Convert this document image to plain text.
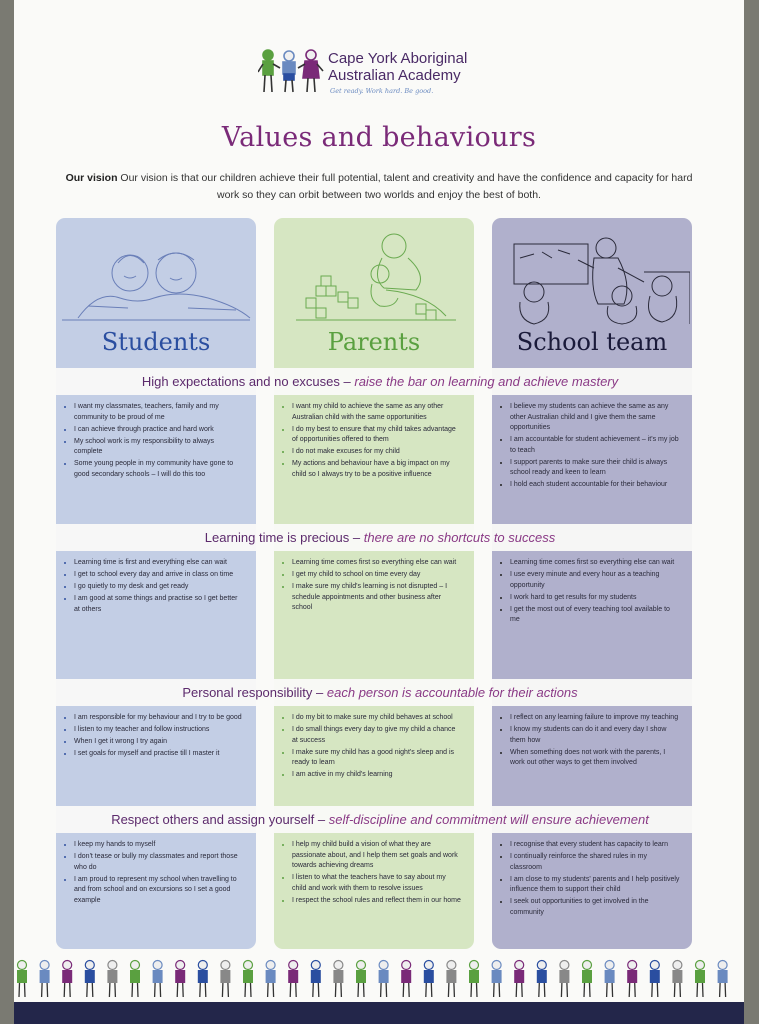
Cape York Aboriginal
Australian Academy
Get ready. Work hard. Be good.
Values and behaviours
Our vision Our vision is that our children achieve their full potential, talent and creativity and have the confidence and capacity for hard work so they can orbit between two worlds and enjoy the best of both.
Students	Parents	School team
High expectations and no excuses – raise the bar on learning and achieve mastery
Learning time is precious – there are no shortcuts to success
Personal responsibility – each person is accountable for their actions
Respect others and assign yourself – self-discipline and commitment will ensure achievement
• I want my classmates, teachers, family and my community to be proud of me
• I can achieve through practice and hard work
• My school work is my responsibility to always complete
• Some young people in my community have gone to good secondary schools – I will do this too
• I want my child to achieve the same as any other Australian child with the same opportunities
• I do my best to ensure that my child takes advantage of opportunities offered to them
• I do not make excuses for my child
• My actions and behaviour have a big impact on my child so I always try to be a positive influence
• I believe my students can achieve the same as any other Australian child and I give them the same opportunities
• I am accountable for student achievement – it's my job to teach
• I support parents to make sure their child is always school ready and keen to learn
• I hold each student accountable for their behaviour
• Learning time is first and everything else can wait
• I get to school every day and arrive in class on time
• I go quietly to my desk and get ready
• I am good at some things and practise so I get better at others
• Learning time comes first so everything else can wait
• I get my child to school on time every day
• I make sure my child's learning is not disrupted – I schedule appointments and other business after school
• Learning time comes first so everything else can wait
• I use every minute and every hour as a teaching opportunity
• I work hard to get results for my students
• I get the most out of every teaching tool available to me
• I am responsible for my behaviour and I try to be good
• I listen to my teacher and follow instructions
• When I get it wrong I try again
• I set goals for myself and practise till I master it
• I do my bit to make sure my child behaves at school
• I do small things every day to give my child a chance at success
• I make sure my child has a good night's sleep and is ready to learn
• I am active in my child's learning
• I reflect on any learning failure to improve my teaching
• I know my students can do it and every day I show them how
• When something does not work with the parents, I work out other ways to get them involved
• I keep my hands to myself
• I don't tease or bully my classmates and report those who do
• I am proud to represent my school when travelling to and from school and on excursions so I set a good example
• I help my child build a vision of what they are passionate about, and I help them set goals and work towards achieving dreams
• I listen to what the teachers have to say about my child and work with them to resolve issues
• I respect the school rules and reflect them in our home
• I recognise that every student has capacity to learn
• I continually reinforce the shared rules in my classroom
• I am close to my students' parents and I help positively influence them to support their child
• I seek out opportunities to get involved in the community
